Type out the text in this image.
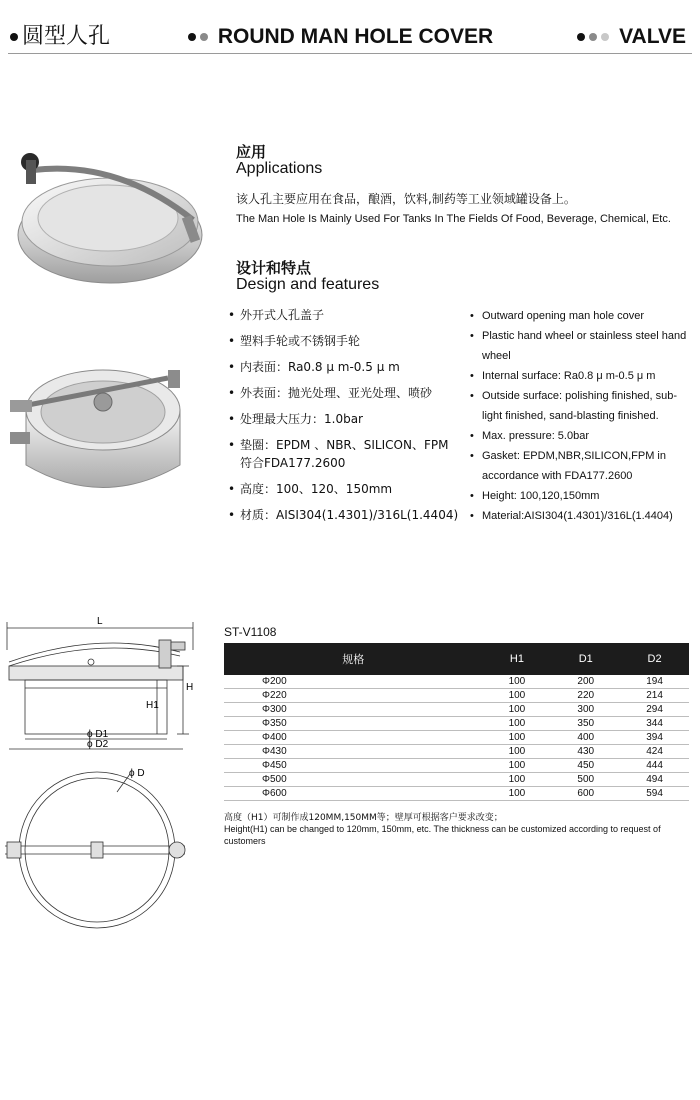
圆型人孔	ROUND MAN HOLE COVER	VALVE
应用
Applications
该人孔主要应用在食品，酿酒，饮料,制药等工业领域罐设备上。
The Man Hole Is Mainly Used For Tanks In The Fields Of Food, Beverage, Chemical, Etc.
设计和特点
Design and features
• 外开式人孔盖子
• 塑料手轮或不锈钢手轮
• 内表面：Ra0.8 μ m-0.5 μ m
• 外表面：抛光处理、亚光处理、喷砂
• 处理最大压力：1.0bar
• 垫圈：EPDM 、NBR、SILICON、FPM 符合FDA177.2600
• 高度：100、120、150mm
• 材质：AISI304(1.4301)/316L(1.4404)
• Outward opening man hole cover
• Plastic hand wheel or stainless steel hand wheel
• Internal surface: Ra0.8 μ m-0.5 μ m
• Outside surface: polishing finished, sub-light finished, sand-blasting finished.
• Max. pressure: 5.0bar
• Gasket: EPDM,NBR,SILICON,FPM in accordance with FDA177.2600
• Height: 100,120,150mm
• Material:AISI304(1.4301)/316L(1.4404)
L
H
H1
ϕ D1
ϕ D2
ϕ D
ST-V1108
规格	H1	D1	D2
Φ200	100	200	194
Φ220	100	220	214
Φ300	100	300	294
Φ350	100	350	344
Φ400	100	400	394
Φ430	100	430	424
Φ450	100	450	444
Φ500	100	500	494
Φ600	100	600	594
高度（H1）可制作成120MM,150MM等；壁厚可根据客户要求改变；
Height(H1) can be changed to 120mm, 150mm, etc. The thickness can be customized according to request of customers
